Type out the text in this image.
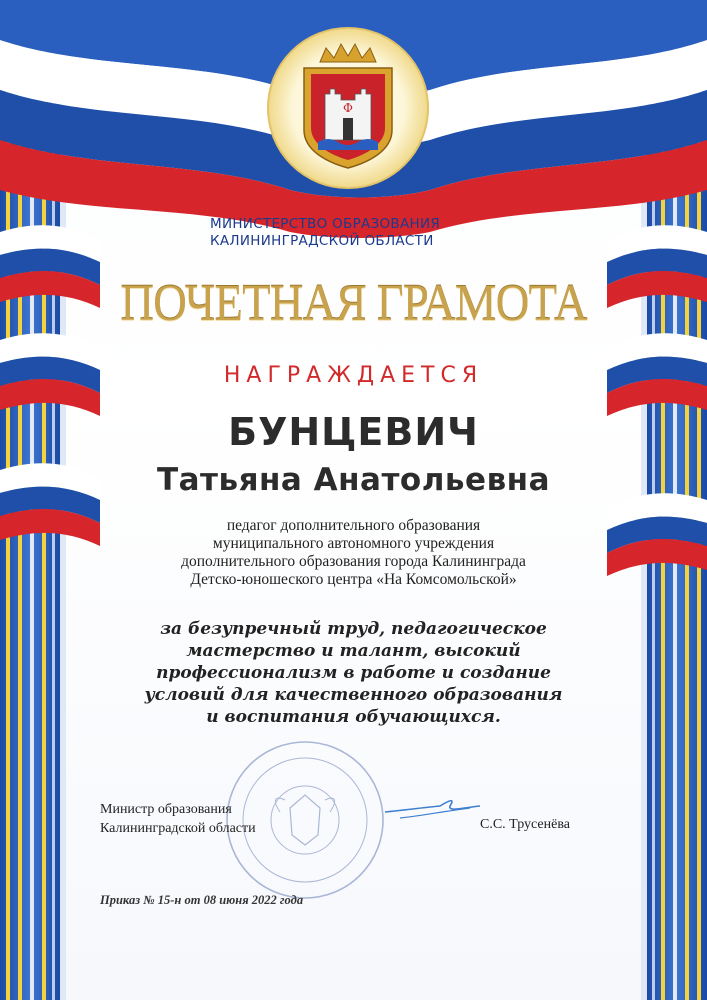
Ф
МИНИСТЕРСТВО ОБРАЗОВАНИЯ
КАЛИНИНГРАДСКОЙ ОБЛАСТИ
ПОЧЕТНАЯ ГРАМОТА
НАГРАЖДАЕТСЯ
БУНЦЕВИЧ
Татьяна Анатольевна
педагог дополнительного образования
муниципального автономного учреждения
дополнительного образования города Калининграда
Детско-юношеского центра «На Комсомольской»
за безупречный труд, педагогическое
мастерство и талант, высокий
профессионализм в работе и создание
условий для качественного образования
и воспитания обучающихся.
Министр образования
Калининградской области	С.С. Трусенёва
Приказ № 15-н от 08 июня 2022 года
